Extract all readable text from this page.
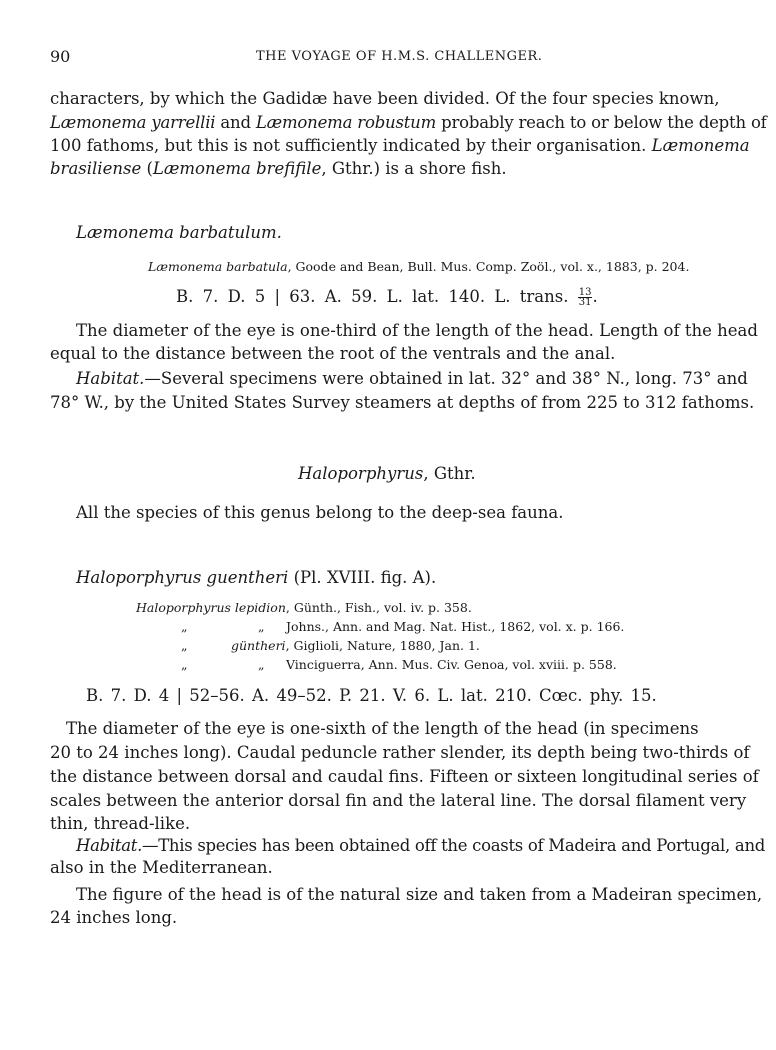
90	THE VOYAGE OF H.M.S. CHALLENGER.
characters, by which the Gadidæ have been divided. Of the four species known,
Læmonema yarrellii and Læmonema robustum probably reach to or below the depth of
100 fathoms, but this is not sufficiently indicated by their organisation. Læmonema
brasiliense (Læmonema brefifile, Gthr.) is a shore fish.
Læmonema barbatulum.
Læmonema barbatula, Goode and Bean, Bull. Mus. Comp. Zoöl., vol. x., 1883, p. 204.
B. 7. D. 5 | 63. A. 59. L. lat. 140. L. trans. $\frac{13}{31}$ .
The diameter of the eye is one-third of the length of the head. Length of the head
equal to the distance between the root of the ventrals and the anal.
Habitat.—Several specimens were obtained in lat. 32° and 38° N., long. 73° and
78° W., by the United States Survey steamers at depths of from 225 to 312 fathoms.
Haloporphyrus, Gthr.
All the species of this genus belong to the deep-sea fauna.
Haloporphyrus guentheri (Pl. XVIII. fig. A).
Haloporphyrus lepidion, Günth., Fish., vol. iv. p. 358.
„	„ Johns., Ann. and Mag. Nat. Hist., 1862, vol. x. p. 166.
„	güntheri, Giglioli, Nature, 1880, Jan. 1.
„	„ Vinciguerra, Ann. Mus. Civ. Genoa, vol. xviii. p. 558.
B. 7. D. 4 | 52–56. A. 49–52. P. 21. V. 6. L. lat. 210. Cœc. phy. 15.
The diameter of the eye is one-sixth of the length of the head (in specimens
20 to 24 inches long). Caudal peduncle rather slender, its depth being two-thirds of
the distance between dorsal and caudal fins. Fifteen or sixteen longitudinal series of
scales between the anterior dorsal fin and the lateral line. The dorsal filament very
thin, thread-like.
Habitat.—This species has been obtained off the coasts of Madeira and Portugal, and
also in the Mediterranean.
The figure of the head is of the natural size and taken from a Madeiran specimen,
24 inches long.
